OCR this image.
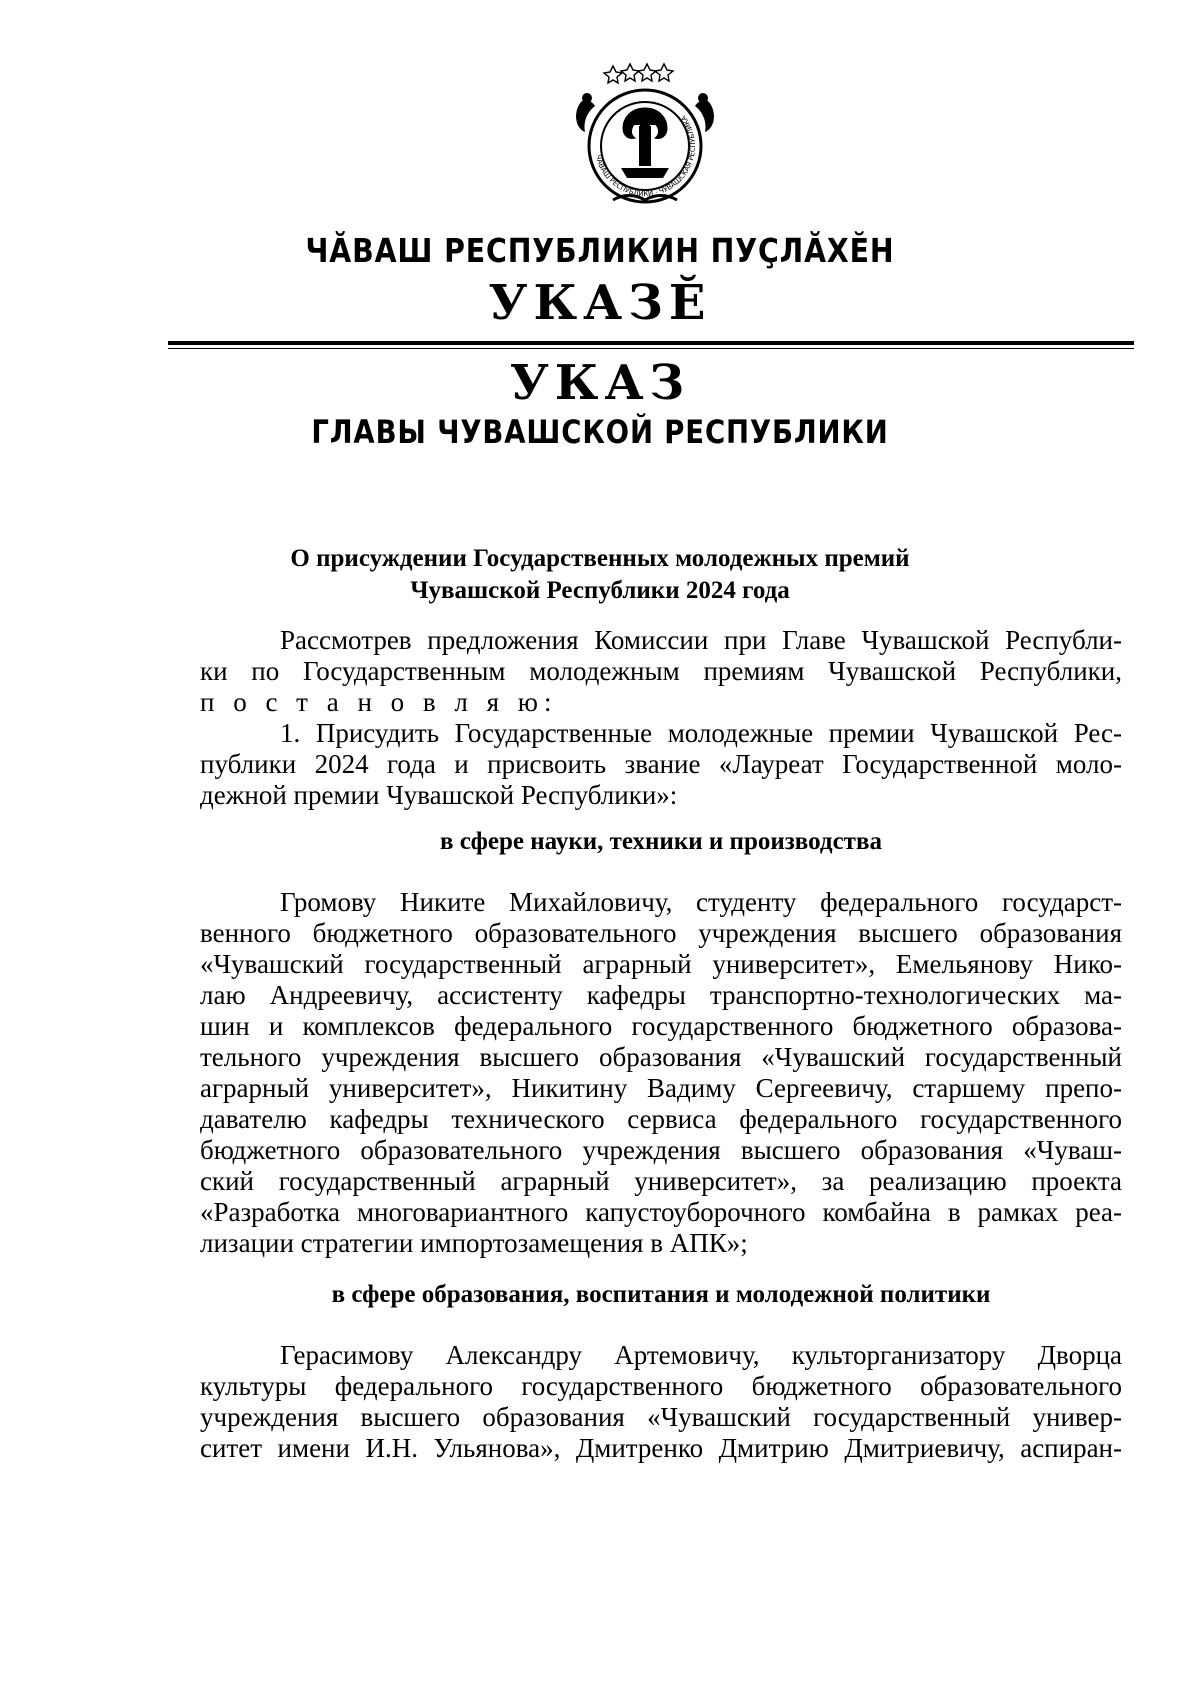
ЧӐВАШ РЕСПУБЛИКИ · ЧУВАШСКАЯ РЕСПУБЛИКА
ЧӐВАШ РЕСПУБЛИКИН ПУҪЛӐХӖН
УКАЗӖ
УКАЗ
ГЛАВЫ ЧУВАШСКОЙ РЕСПУБЛИКИ
О присуждении Государственных молодежных премий
Чувашской Республики 2024 года
Рассмотрев предложения Комиссии при Главе Чувашской Республи-
ки по Государственным молодежным премиям Чувашской Республики,
п о с т а н о в л я ю:
1. Присудить Государственные молодежные премии Чувашской Рес-
публики 2024 года и присвоить звание «Лауреат Государственной моло-
дежной премии Чувашской Республики»:
в сфере науки, техники и производства
Громову Никите Михайловичу, студенту федерального государст-
венного бюджетного образовательного учреждения высшего образования
«Чувашский государственный аграрный университет», Емельянову Нико-
лаю Андреевичу, ассистенту кафедры транспортно-технологических ма-
шин и комплексов федерального государственного бюджетного образова-
тельного учреждения высшего образования «Чувашский государственный
аграрный университет», Никитину Вадиму Сергеевичу, старшему препо-
давателю кафедры технического сервиса федерального государственного
бюджетного образовательного учреждения высшего образования «Чуваш-
ский государственный аграрный университет», за реализацию проекта
«Разработка многовариантного капустоуборочного комбайна в рамках реа-
лизации стратегии импортозамещения в АПК»;
в сфере образования, воспитания и молодежной политики
Герасимову Александру Артемовичу, культорганизатору Дворца
культуры федерального государственного бюджетного образовательного
учреждения высшего образования «Чувашский государственный универ-
ситет имени И.Н. Ульянова», Дмитренко Дмитрию Дмитриевичу, аспиран-
